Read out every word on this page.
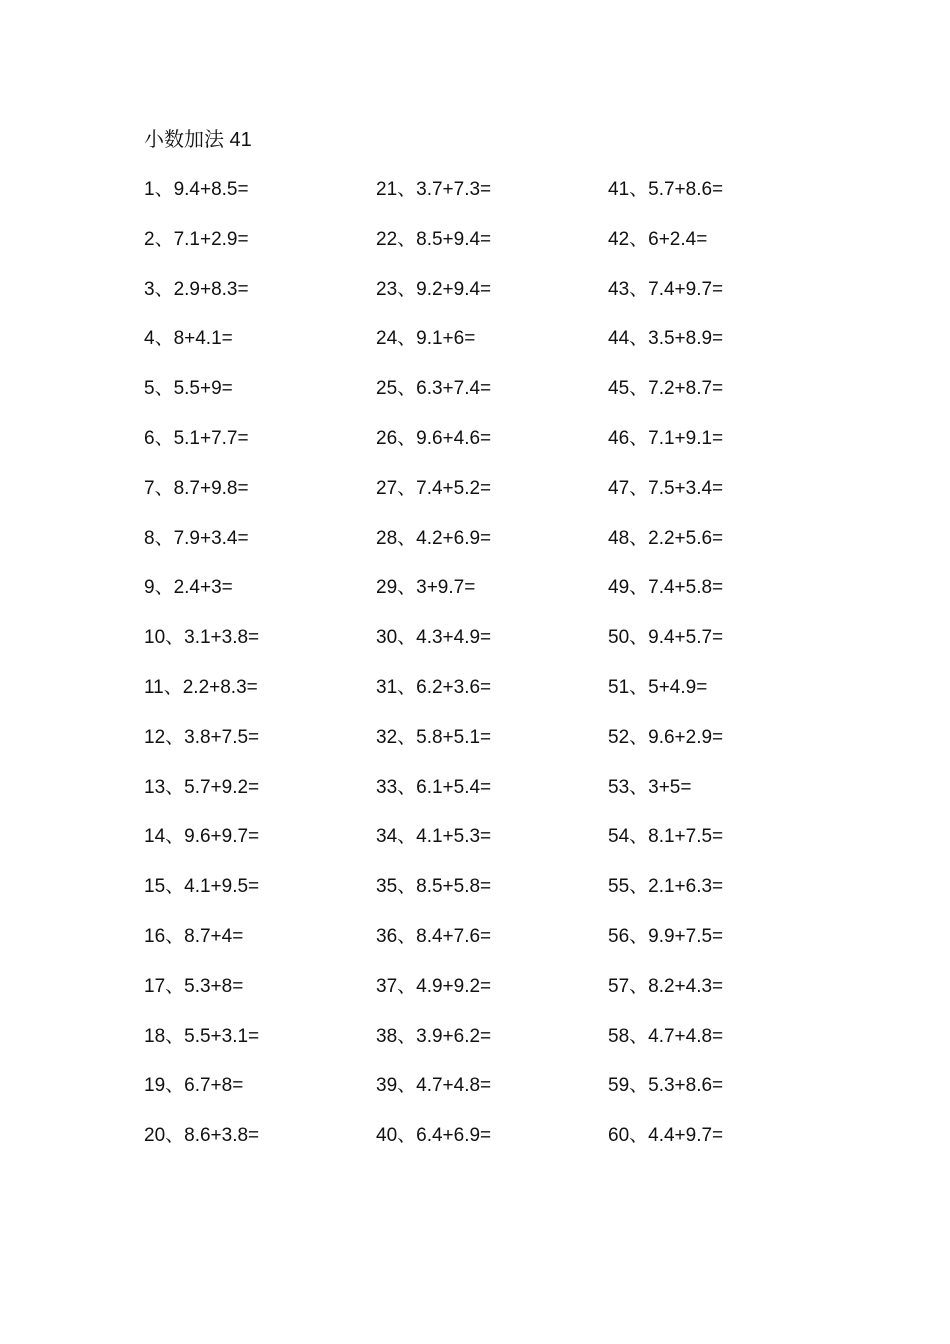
小数加法 41
1、9.4+8.5=
2、7.1+2.9=
3、2.9+8.3=
4、8+4.1=
5、5.5+9=
6、5.1+7.7=
7、8.7+9.8=
8、7.9+3.4=
9、2.4+3=
10、3.1+3.8=
11、2.2+8.3=
12、3.8+7.5=
13、5.7+9.2=
14、9.6+9.7=
15、4.1+9.5=
16、8.7+4=
17、5.3+8=
18、5.5+3.1=
19、6.7+8=
20、8.6+3.8=
21、3.7+7.3=
22、8.5+9.4=
23、9.2+9.4=
24、9.1+6=
25、6.3+7.4=
26、9.6+4.6=
27、7.4+5.2=
28、4.2+6.9=
29、3+9.7=
30、4.3+4.9=
31、6.2+3.6=
32、5.8+5.1=
33、6.1+5.4=
34、4.1+5.3=
35、8.5+5.8=
36、8.4+7.6=
37、4.9+9.2=
38、3.9+6.2=
39、4.7+4.8=
40、6.4+6.9=
41、5.7+8.6=
42、6+2.4=
43、7.4+9.7=
44、3.5+8.9=
45、7.2+8.7=
46、7.1+9.1=
47、7.5+3.4=
48、2.2+5.6=
49、7.4+5.8=
50、9.4+5.7=
51、5+4.9=
52、9.6+2.9=
53、3+5=
54、8.1+7.5=
55、2.1+6.3=
56、9.9+7.5=
57、8.2+4.3=
58、4.7+4.8=
59、5.3+8.6=
60、4.4+9.7=
